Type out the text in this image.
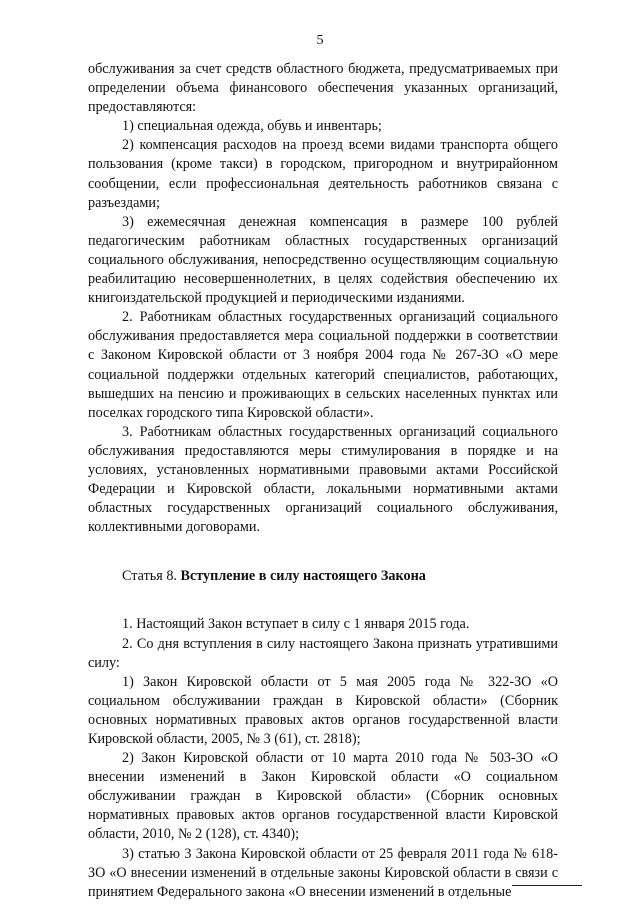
5

обслуживания за счет средств областного бюджета, предусматриваемых при определении объема финансового обеспечения указанных организаций, предоставляются:

1) специальная одежда, обувь и инвентарь;

2) компенсация расходов на проезд всеми видами транспорта общего пользования (кроме такси) в городском, пригородном и внутрирайонном сообщении, если профессиональная деятельность работников связана с разъездами;

3) ежемесячная денежная компенсация в размере 100 рублей педагогическим работникам областных государственных организаций социального обслуживания, непосредственно осуществляющим социальную реабилитацию несовершеннолетних, в целях содействия обеспечению их книгоиздательской продукцией и периодическими изданиями.

2. Работникам областных государственных организаций социального обслуживания предоставляется мера социальной поддержки в соответствии с Законом Кировской области от 3 ноября 2004 года № 267-ЗО «О мере социальной поддержки отдельных категорий специалистов, работающих, вышедших на пенсию и проживающих в сельских населенных пунктах или поселках городского типа Кировской области».

3. Работникам областных государственных организаций социального обслуживания предоставляются меры стимулирования в порядке и на условиях, установленных нормативными правовыми актами Российской Федерации и Кировской области, локальными нормативными актами областных государственных организаций социального обслуживания, коллективными договорами.

Статья 8. Вступление в силу настоящего Закона

1. Настоящий Закон вступает в силу с 1 января 2015 года.

2. Со дня вступления в силу настоящего Закона признать утратившими силу:

1) Закон Кировской области от 5 мая 2005 года № 322-ЗО «О социальном обслуживании граждан в Кировской области» (Сборник основных нормативных правовых актов органов государственной власти Кировской области, 2005, № 3 (61), ст. 2818);

2) Закон Кировской области от 10 марта 2010 года № 503-ЗО «О внесении изменений в Закон Кировской области «О социальном обслуживании граждан в Кировской области» (Сборник основных нормативных правовых актов органов государственной власти Кировской области, 2010, № 2 (128), ст. 4340);

3) статью 3 Закона Кировской области от 25 февраля 2011 года № 618-ЗО «О внесении изменений в отдельные законы Кировской области в связи с принятием Федерального закона «О внесении изменений в отдельные
